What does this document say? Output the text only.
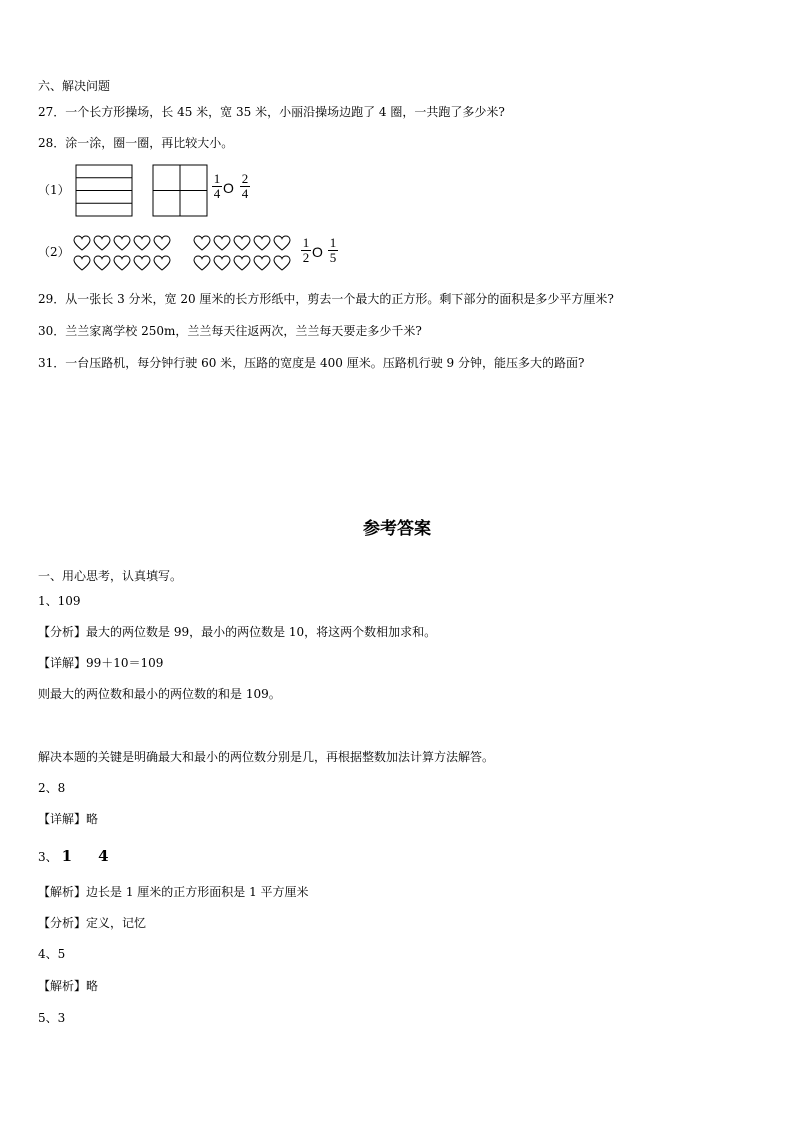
六、解决问题
27．一个长方形操场，长 45 米，宽 35 米，小丽沿操场边跑了 4 圈，一共跑了多少米?
28．涂一涂，圈一圈，再比较大小。
（1）	$\frac{1}{4}$ O $\frac{2}{4}$
（2）	$\frac{1}{2}$ O $\frac{1}{5}$
29．从一张长 3 分米，宽 20 厘米的长方形纸中，剪去一个最大的正方形。剩下部分的面积是多少平方厘米?
30．兰兰家离学校 250m，兰兰每天往返两次，兰兰每天要走多少千米?
31．一台压路机，每分钟行驶 60 米，压路的宽度是 400 厘米。压路机行驶 9 分钟，能压多大的路面?
参考答案
一、用心思考，认真填写。
1、109
【分析】最大的两位数是 99，最小的两位数是 10，将这两个数相加求和。
【详解】99＋10＝109
则最大的两位数和最小的两位数的和是 109。
解决本题的关键是明确最大和最小的两位数分别是几，再根据整数加法计算方法解答。
2、8
【详解】略
3、 1 4
【解析】边长是 1 厘米的正方形面积是 1 平方厘米
【分析】定义，记忆
4、5
【解析】略
5、3
